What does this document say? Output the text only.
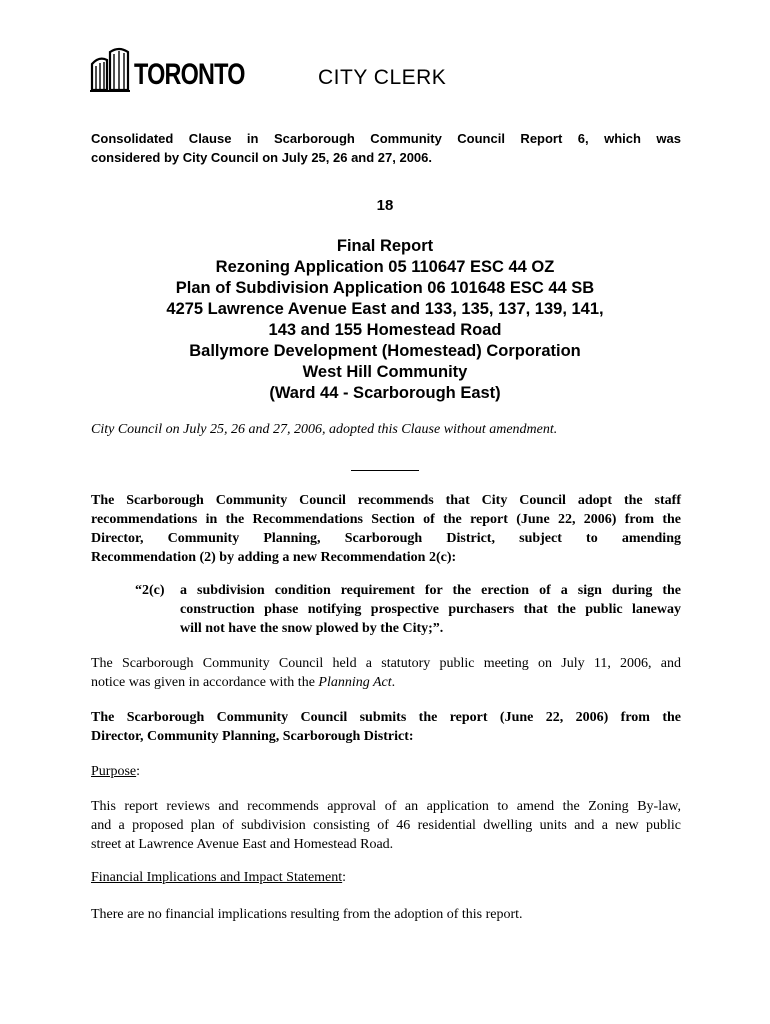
TORONTO	CITY CLERK
Consolidated Clause in Scarborough Community Council Report 6, which was
considered by City Council on July 25, 26 and 27, 2006.
18
Final Report
Rezoning Application 05 110647 ESC 44 OZ
Plan of Subdivision Application 06 101648 ESC 44 SB
4275 Lawrence Avenue East and 133, 135, 137, 139, 141,
143 and 155 Homestead Road
Ballymore Development (Homestead) Corporation
West Hill Community
(Ward 44 - Scarborough East)
City Council on July 25, 26 and 27, 2006, adopted this Clause without amendment.
The Scarborough Community Council recommends that City Council adopt the staff
recommendations in the Recommendations Section of the report (June 22, 2006) from the
Director, Community Planning, Scarborough District, subject to amending
Recommendation (2) by adding a new Recommendation 2(c):
“2(c) a subdivision condition requirement for the erection of a sign during the
construction phase notifying prospective purchasers that the public laneway
will not have the snow plowed by the City;”.
The Scarborough Community Council held a statutory public meeting on July 11, 2006, and
notice was given in accordance with the Planning Act.
The Scarborough Community Council submits the report (June 22, 2006) from the
Director, Community Planning, Scarborough District:
Purpose:
This report reviews and recommends approval of an application to amend the Zoning By-law,
and a proposed plan of subdivision consisting of 46 residential dwelling units and a new public
street at Lawrence Avenue East and Homestead Road.
Financial Implications and Impact Statement:
There are no financial implications resulting from the adoption of this report.
